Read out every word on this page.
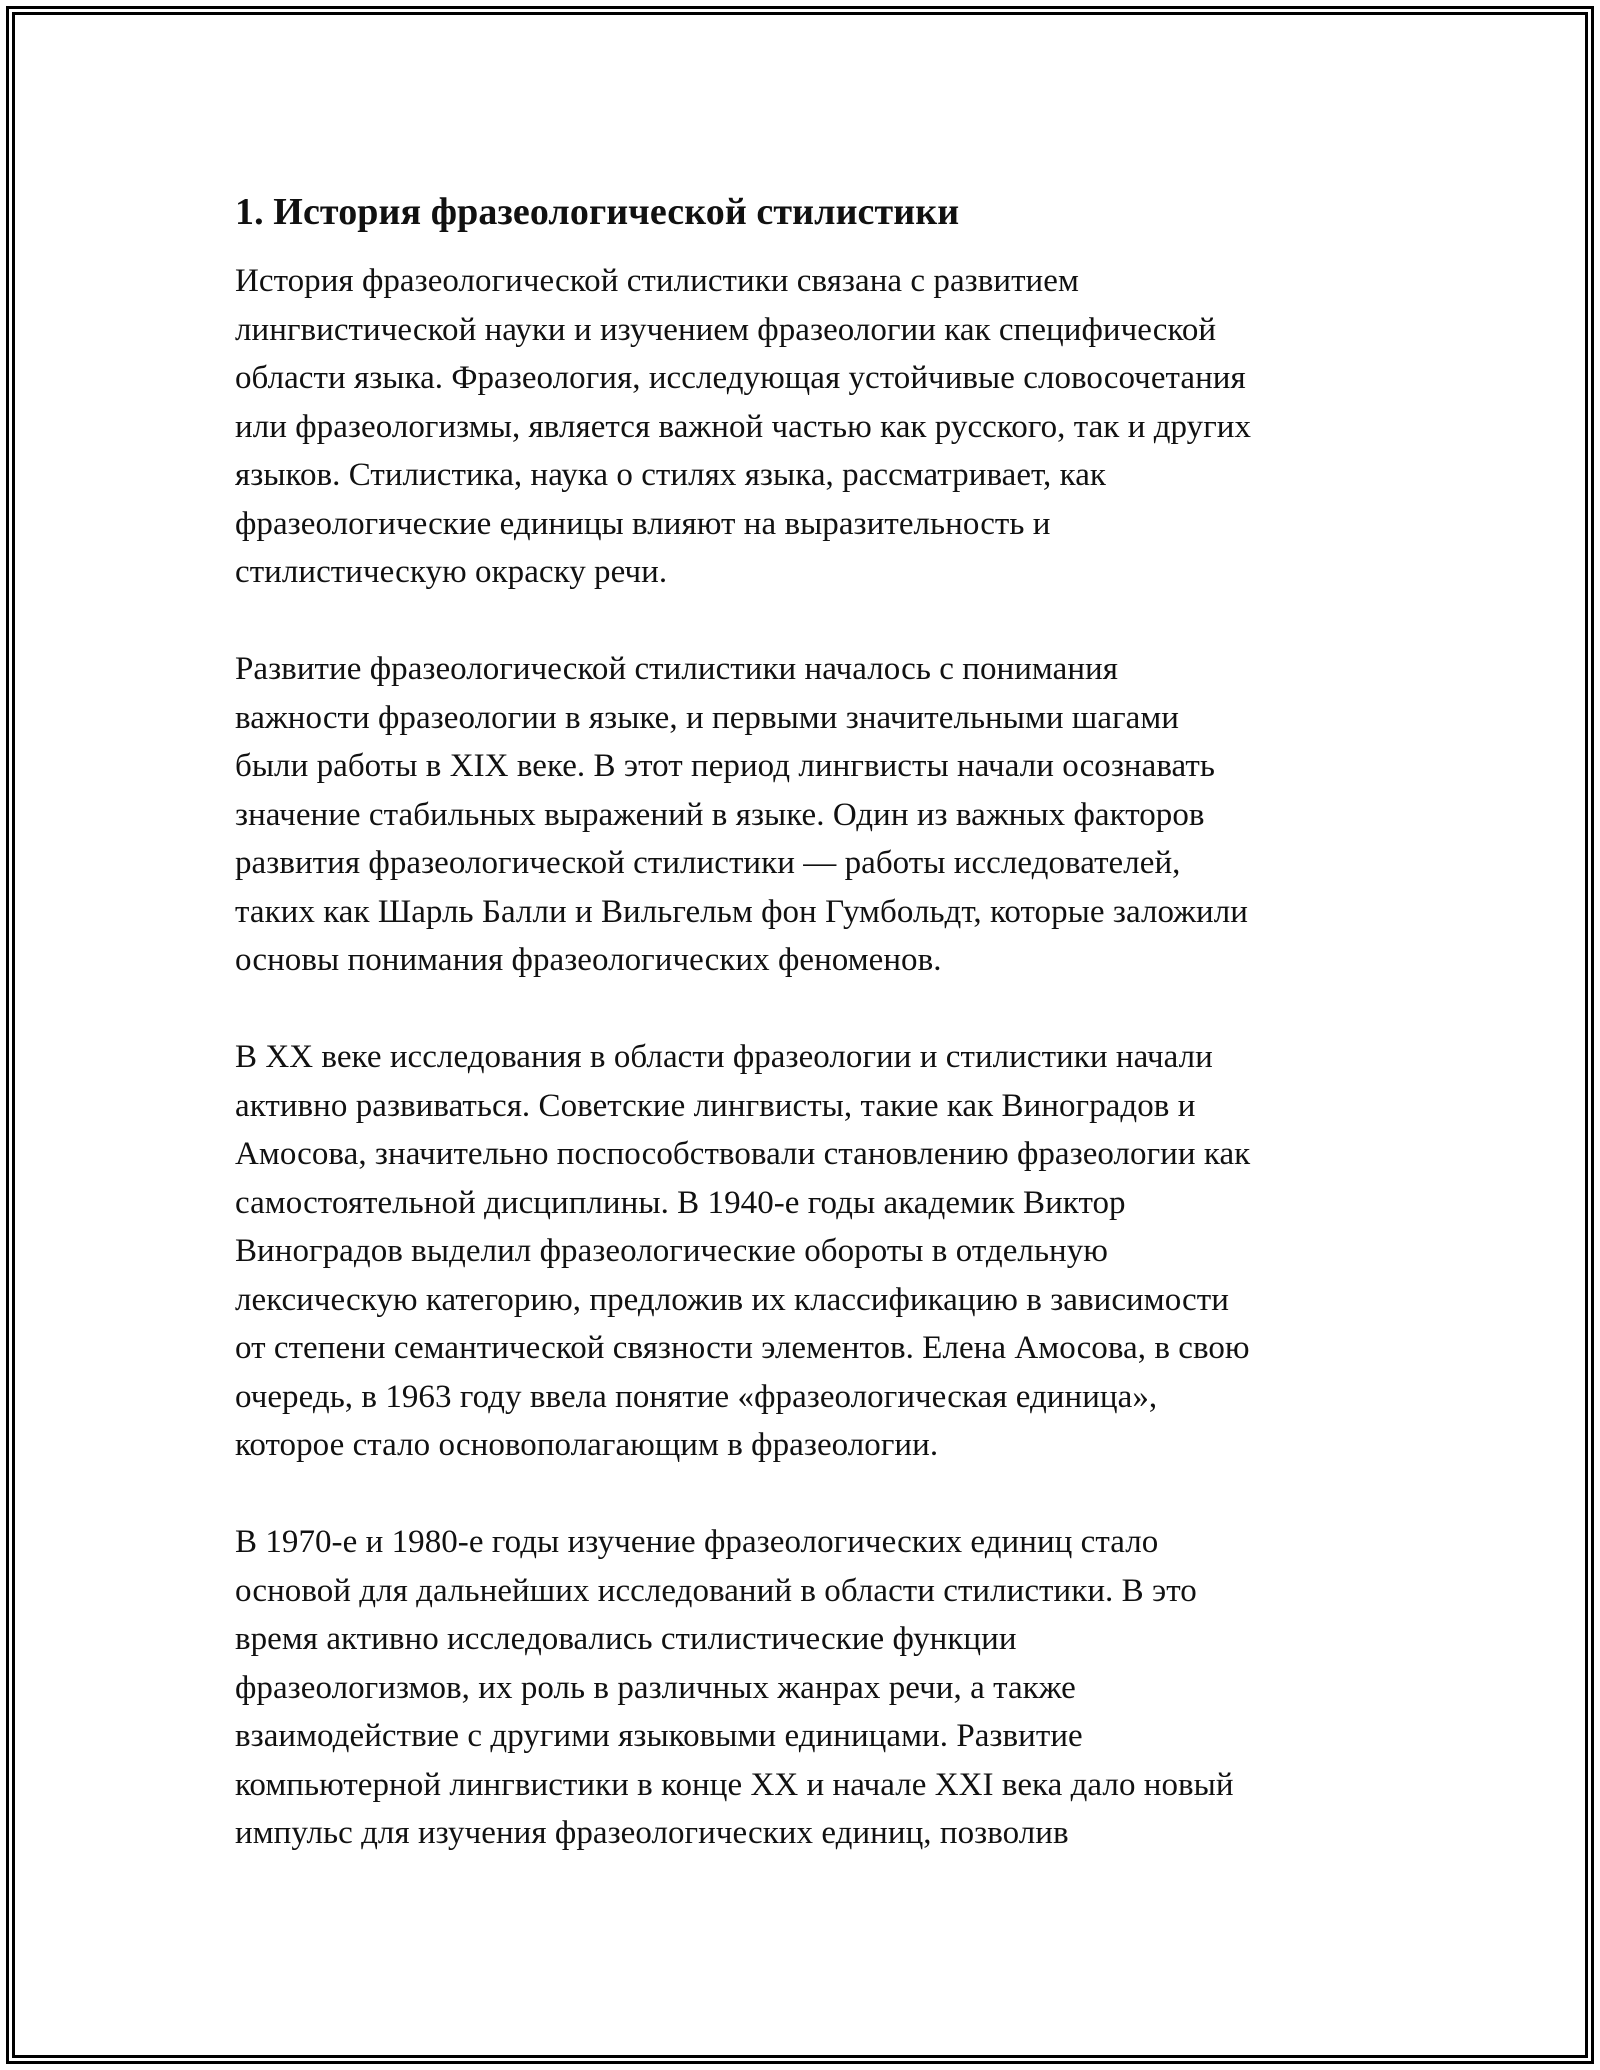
1. История фразеологической стилистики

История фразеологической стилистики связана с развитием
лингвистической науки и изучением фразеологии как специфической
области языка. Фразеология, исследующая устойчивые словосочетания
или фразеологизмы, является важной частью как русского, так и других
языков. Стилистика, наука о стилях языка, рассматривает, как
фразеологические единицы влияют на выразительность и
стилистическую окраску речи.

Развитие фразеологической стилистики началось с понимания
важности фразеологии в языке, и первыми значительными шагами
были работы в XIX веке. В этот период лингвисты начали осознавать
значение стабильных выражений в языке. Один из важных факторов
развития фразеологической стилистики — работы исследователей,
таких как Шарль Балли и Вильгельм фон Гумбольдт, которые заложили
основы понимания фразеологических феноменов.

В XX веке исследования в области фразеологии и стилистики начали
активно развиваться. Советские лингвисты, такие как Виноградов и
Амосова, значительно поспособствовали становлению фразеологии как
самостоятельной дисциплины. В 1940-е годы академик Виктор
Виноградов выделил фразеологические обороты в отдельную
лексическую категорию, предложив их классификацию в зависимости
от степени семантической связности элементов. Елена Амосова, в свою
очередь, в 1963 году ввела понятие «фразеологическая единица»,
которое стало основополагающим в фразеологии.

В 1970-е и 1980-е годы изучение фразеологических единиц стало
основой для дальнейших исследований в области стилистики. В это
время активно исследовались стилистические функции
фразеологизмов, их роль в различных жанрах речи, а также
взаимодействие с другими языковыми единицами. Развитие
компьютерной лингвистики в конце XX и начале XXI века дало новый
импульс для изучения фразеологических единиц, позволив
